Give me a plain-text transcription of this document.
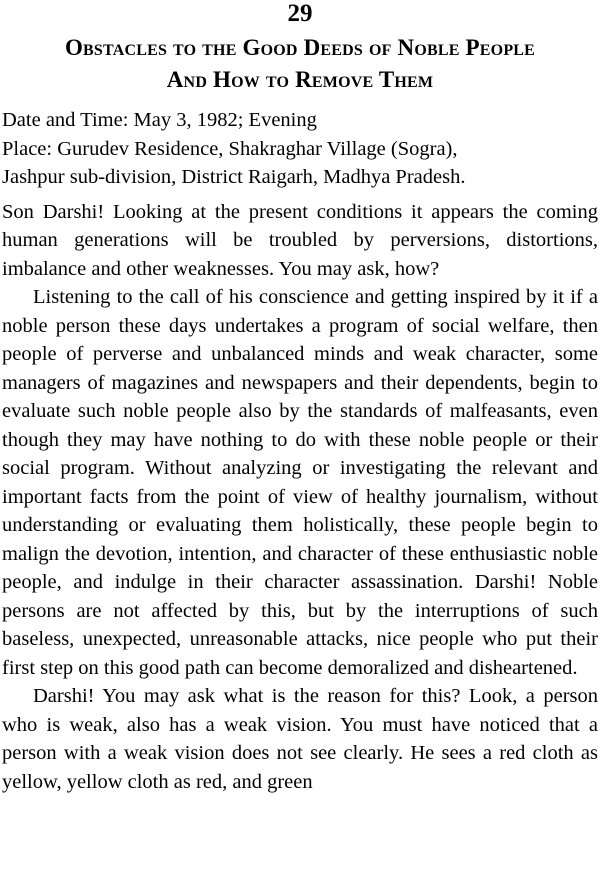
29
Obstacles to the Good Deeds of Noble People
And How to Remove Them

Date and Time: May 3, 1982; Evening

Place: Gurudev Residence, Shakraghar Village (Sogra),

Jashpur sub-division, District Raigarh, Madhya Pradesh.

Son Darshi! Looking at the present conditions it appears the coming human generations will be troubled by perversions, distortions, imbalance and other weaknesses. You may ask, how?

Listening to the call of his conscience and getting inspired by it if a noble person these days undertakes a program of social welfare, then people of perverse and unbalanced minds and weak character, some managers of magazines and newspapers and their dependents, begin to evaluate such noble people also by the standards of malfeasants, even though they may have nothing to do with these noble people or their social program. Without analyzing or investigating the relevant and important facts from the point of view of healthy journalism, without understanding or evaluating them holistically, these people begin to malign the devotion, intention, and character of these enthusiastic noble people, and indulge in their character assassination. Darshi! Noble persons are not affected by this, but by the interruptions of such baseless, unexpected, unreasonable attacks, nice people who put their first step on this good path can become demoralized and disheartened.

Darshi! You may ask what is the reason for this? Look, a person who is weak, also has a weak vision. You must have noticed that a person with a weak vision does not see clearly. He sees a red cloth as yellow, yellow cloth as red, and green
